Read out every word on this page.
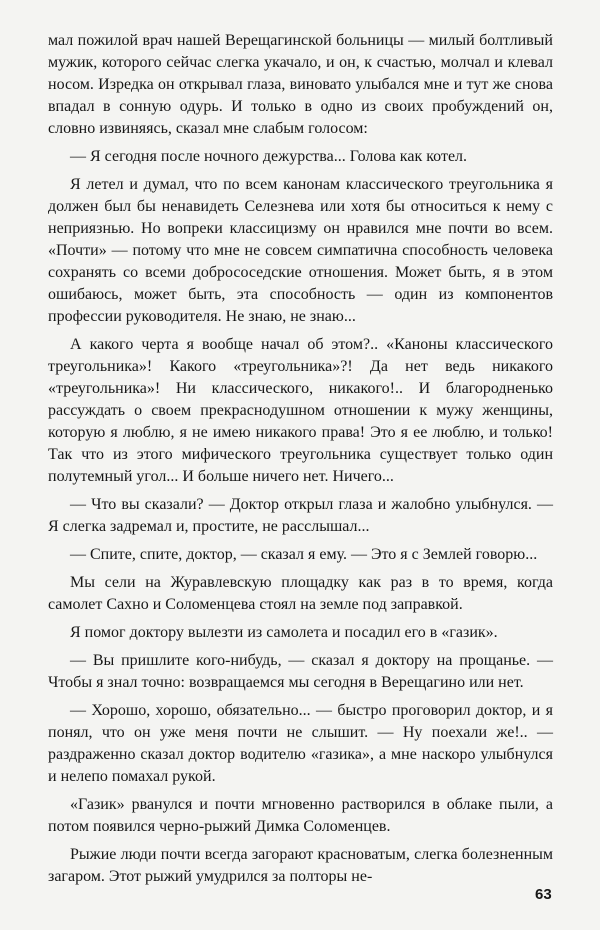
мал пожилой врач нашей Верещагинской больницы — милый болтливый мужик, которого сейчас слегка укачало, и он, к счастью, молчал и клевал носом. Изредка он открывал глаза, виновато улыбался мне и тут же снова впадал в сонную одурь. И только в одно из своих пробуждений он, словно извиняясь, сказал мне слабым голосом:

— Я сегодня после ночного дежурства... Голова как котел.

Я летел и думал, что по всем канонам классического треугольника я должен был бы ненавидеть Селезнева или хотя бы относиться к нему с неприязнью. Но вопреки классицизму он нравился мне почти во всем. «Почти» — потому что мне не совсем симпатична способность человека сохранять со всеми добрососедские отношения. Может быть, я в этом ошибаюсь, может быть, эта способность — один из компонентов профессии руководителя. Не знаю, не знаю...

А какого черта я вообще начал об этом?.. «Каноны классического треугольника»! Какого «треугольника»?! Да нет ведь никакого «треугольника»! Ни классического, никакого!.. И благородненько рассуждать о своем прекраснодушном отношении к мужу женщины, которую я люблю, я не имею никакого права! Это я ее люблю, и только! Так что из этого мифического треугольника существует только один полутемный угол... И больше ничего нет. Ничего...

— Что вы сказали? — Доктор открыл глаза и жалобно улыбнулся. — Я слегка задремал и, простите, не расслышал...

— Спите, спите, доктор, — сказал я ему. — Это я с Землей говорю...

Мы сели на Журавлевскую площадку как раз в то время, когда самолет Сахно и Соломенцева стоял на земле под заправкой.

Я помог доктору вылезти из самолета и посадил его в «газик».

— Вы пришлите кого-нибудь, — сказал я доктору на прощанье. — Чтобы я знал точно: возвращаемся мы сегодня в Верещагино или нет.

— Хорошо, хорошо, обязательно... — быстро проговорил доктор, и я понял, что он уже меня почти не слышит. — Ну поехали же!.. — раздраженно сказал доктор водителю «газика», а мне наскоро улыбнулся и нелепо помахал рукой.

«Газик» рванулся и почти мгновенно растворился в облаке пыли, а потом появился черно-рыжий Димка Соломенцев.

Рыжие люди почти всегда загорают красноватым, слегка болезненным загаром. Этот рыжий умудрился за полторы не-

63
